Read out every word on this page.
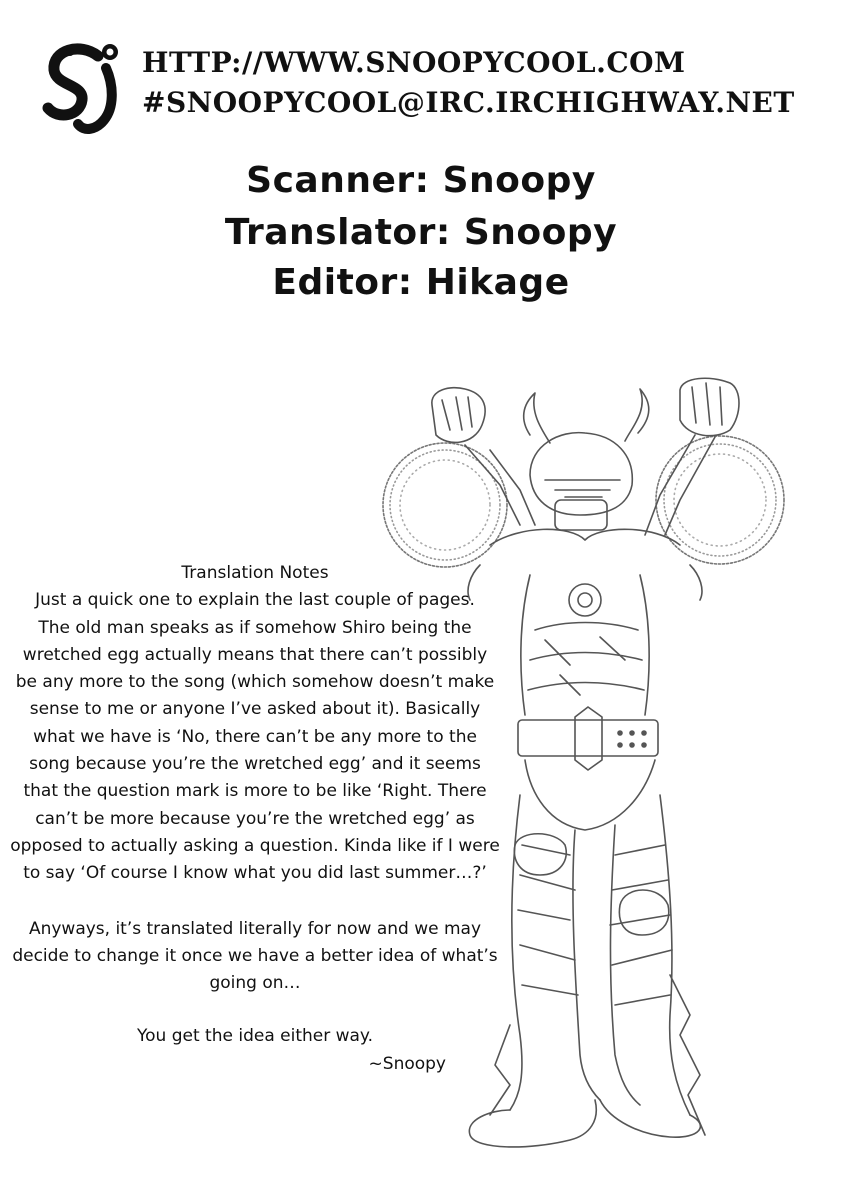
HTTP://WWW.SNOOPYCOOL.COM

#SNOOPYCOOL@IRC.IRCHIGHWAY.NET

Scanner: Snoopy
Translator: Snoopy
Editor: Hikage

Translation Notes

Just a quick one to explain the last couple of pages.

The old man speaks as if somehow Shiro being the wretched egg actually means that there can’t possibly be any more to the song (which somehow doesn’t make sense to me or anyone I’ve asked about it). Basically what we have is ‘No, there can’t be any more to the song because you’re the wretched egg’ and it seems that the question mark is more to be like ‘Right. There can’t be more because you’re the wretched egg’ as opposed to actually asking a question. Kinda like if I were to say ‘Of course I know what you did last summer…?’

Anyways, it’s translated literally for now and we may decide to change it once we have a better idea of what’s going on…

You get the idea either way.

~Snoopy
